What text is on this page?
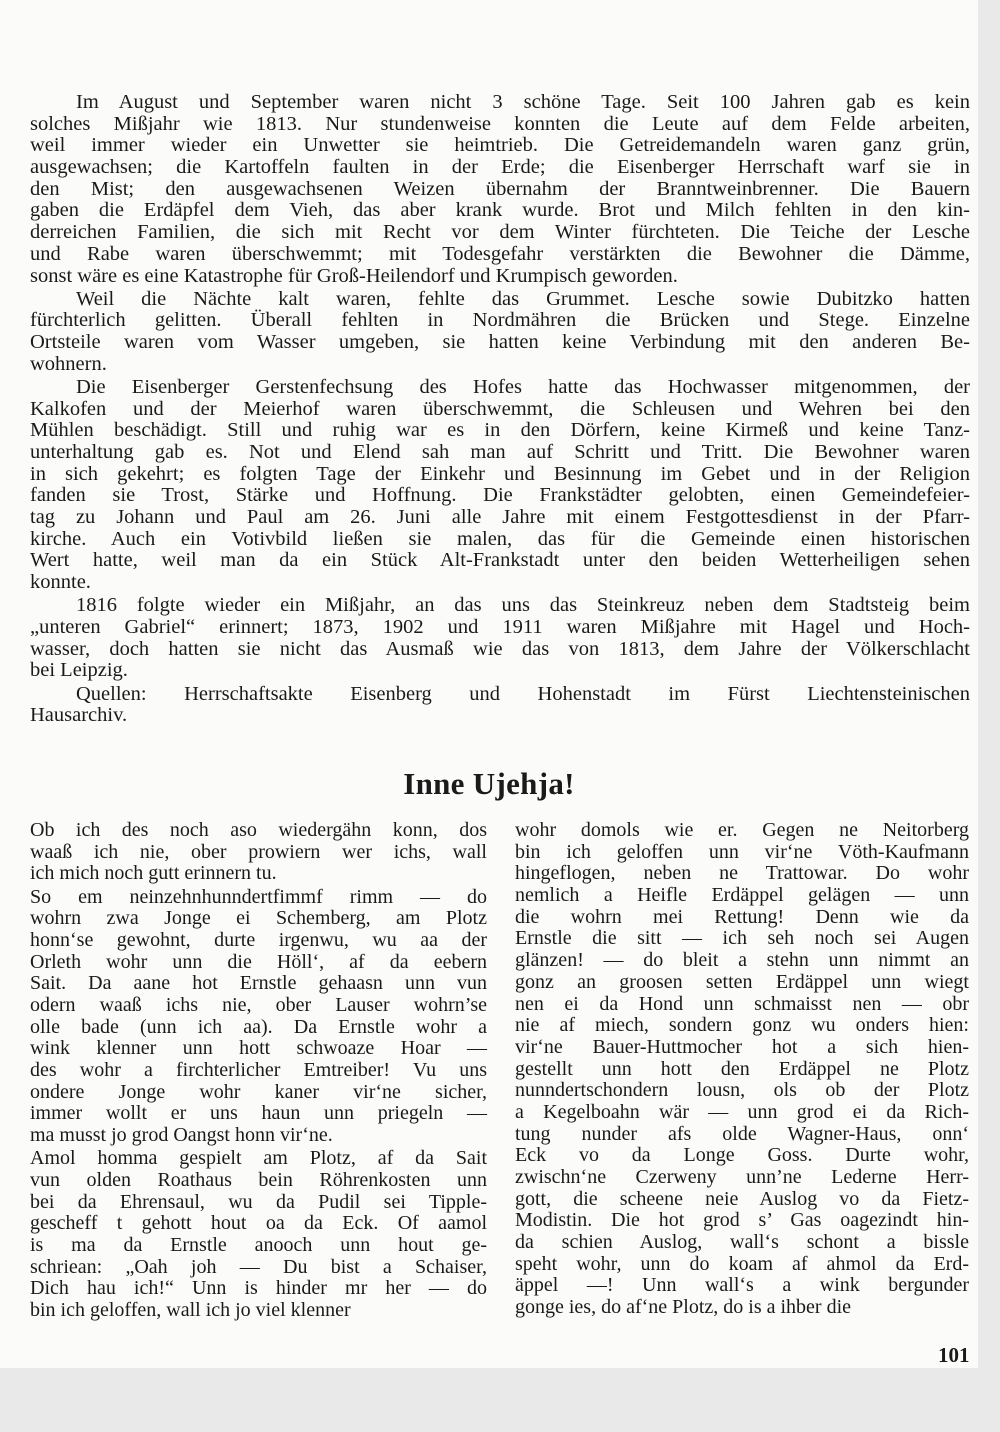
Im August und September waren nicht 3 schöne Tage. Seit 100 Jahren gab es kein
solches Mißjahr wie 1813. Nur stundenweise konnten die Leute auf dem Felde arbeiten,
weil immer wieder ein Unwetter sie heimtrieb. Die Getreidemandeln waren ganz grün,
ausgewachsen; die Kartoffeln faulten in der Erde; die Eisenberger Herrschaft warf sie in
den Mist; den ausgewachsenen Weizen übernahm der Branntweinbrenner. Die Bauern
gaben die Erdäpfel dem Vieh, das aber krank wurde. Brot und Milch fehlten in den kin-
derreichen Familien, die sich mit Recht vor dem Winter fürchteten. Die Teiche der Lesche
und Rabe waren überschwemmt; mit Todesgefahr verstärkten die Bewohner die Dämme,
sonst wäre es eine Katastrophe für Groß-Heilendorf und Krumpisch geworden.
Weil die Nächte kalt waren, fehlte das Grummet. Lesche sowie Dubitzko hatten
fürchterlich gelitten. Überall fehlten in Nordmähren die Brücken und Stege. Einzelne
Ortsteile waren vom Wasser umgeben, sie hatten keine Verbindung mit den anderen Be-
wohnern.
Die Eisenberger Gerstenfechsung des Hofes hatte das Hochwasser mitgenommen, der
Kalkofen und der Meierhof waren überschwemmt, die Schleusen und Wehren bei den
Mühlen beschädigt. Still und ruhig war es in den Dörfern, keine Kirmeß und keine Tanz-
unterhaltung gab es. Not und Elend sah man auf Schritt und Tritt. Die Bewohner waren
in sich gekehrt; es folgten Tage der Einkehr und Besinnung im Gebet und in der Religion
fanden sie Trost, Stärke und Hoffnung. Die Frankstädter gelobten, einen Gemeindefeier-
tag zu Johann und Paul am 26. Juni alle Jahre mit einem Festgottesdienst in der Pfarr-
kirche. Auch ein Votivbild ließen sie malen, das für die Gemeinde einen historischen
Wert hatte, weil man da ein Stück Alt-Frankstadt unter den beiden Wetterheiligen sehen
konnte.
1816 folgte wieder ein Mißjahr, an das uns das Steinkreuz neben dem Stadtsteig beim
„unteren Gabriel“ erinnert; 1873, 1902 und 1911 waren Mißjahre mit Hagel und Hoch-
wasser, doch hatten sie nicht das Ausmaß wie das von 1813, dem Jahre der Völkerschlacht
bei Leipzig.
Quellen: Herrschaftsakte Eisenberg und Hohenstadt im Fürst Liechtensteinischen
Hausarchiv.
Inne Ujehja!
Ob ich des noch aso wiedergähn konn, dos
waaß ich nie, ober prowiern wer ichs, wall
ich mich noch gutt erinnern tu.
So em neinzehnhunndertfimmf rimm — do
wohrn zwa Jonge ei Schemberg, am Plotz
honn‘se gewohnt, durte irgenwu, wu aa der
Orleth wohr unn die Höll‘, af da eebern
Sait. Da aane hot Ernstle gehaasn unn vun
odern waaß ichs nie, ober Lauser wohrn’se
olle bade (unn ich aa). Da Ernstle wohr a
wink klenner unn hott schwoaze Hoar —
des wohr a firchterlicher Emtreiber! Vu uns
ondere Jonge wohr kaner vir‘ne sicher,
immer wollt er uns haun unn priegeln —
ma musst jo grod Oangst honn vir‘ne.
Amol homma gespielt am Plotz, af da Sait
vun olden Roathaus bein Röhrenkosten unn
bei da Ehrensaul, wu da Pudil sei Tipple-
gescheff t gehott hout oa da Eck. Of aamol
is ma da Ernstle anooch unn hout ge-
schriean: „Oah joh — Du bist a Schaiser,
Dich hau ich!“ Unn is hinder mr her — do
bin ich geloffen, wall ich jo viel klenner
wohr domols wie er. Gegen ne Neitorberg
bin ich geloffen unn vir‘ne Vöth-Kaufmann
hingeflogen, neben ne Trattowar. Do wohr
nemlich a Heifle Erdäppel gelägen — unn
die wohrn mei Rettung! Denn wie da
Ernstle die sitt — ich seh noch sei Augen
glänzen! — do bleit a stehn unn nimmt an
gonz an groosen setten Erdäppel unn wiegt
nen ei da Hond unn schmaisst nen — obr
nie af miech, sondern gonz wu onders hien:
vir‘ne Bauer-Huttmocher hot a sich hien-
gestellt unn hott den Erdäppel ne Plotz
nunndertschondern lousn, ols ob der Plotz
a Kegelboahn wär — unn grod ei da Rich-
tung nunder afs olde Wagner-Haus, onn‘
Eck vo da Longe Goss. Durte wohr,
zwischn‘ne Czerweny unn’ne Lederne Herr-
gott, die scheene neie Auslog vo da Fietz-
Modistin. Die hot grod s’ Gas oagezindt hin-
da schien Auslog, wall‘s schont a bissle
speht wohr, unn do koam af ahmol da Erd-
äppel —! Unn wall‘s a wink bergunder
gonge ies, do af‘ne Plotz, do is a ihber die
101
